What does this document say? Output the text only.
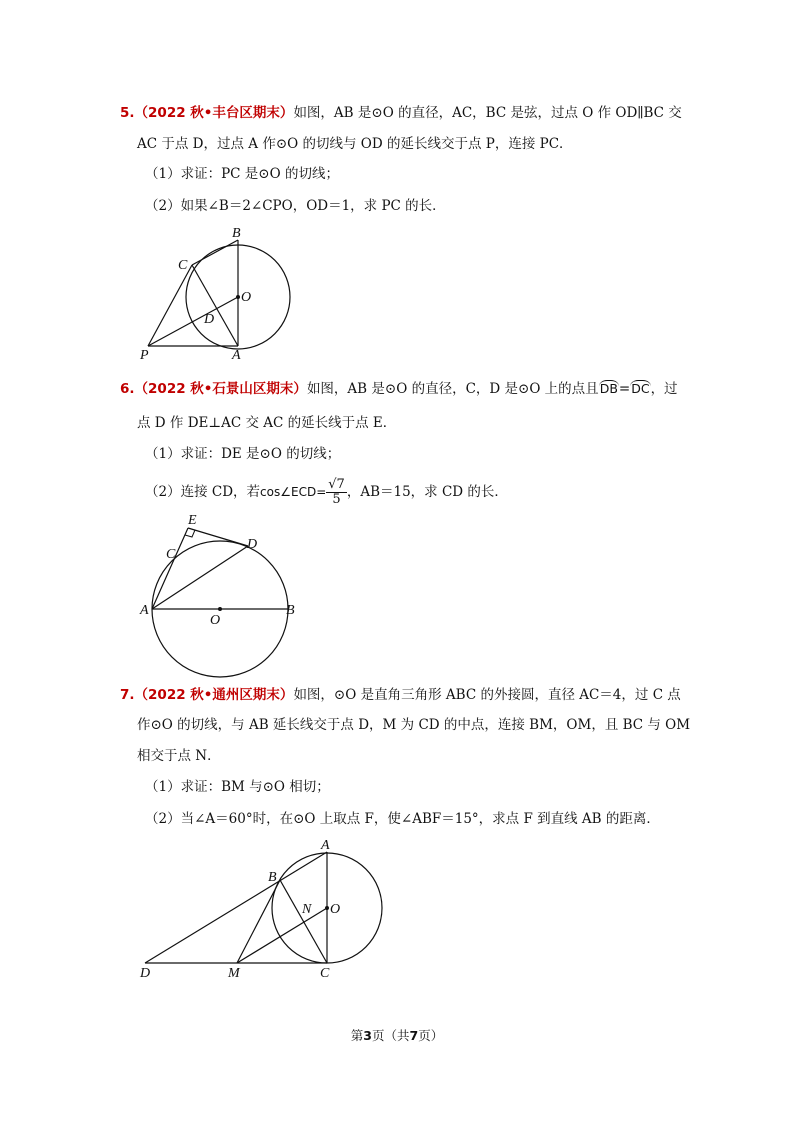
5.（2022 秋•丰台区期末）如图，AB 是⊙O 的直径，AC，BC 是弦，过点 O 作 OD∥BC 交
AC 于点 D，过点 A 作⊙O 的切线与 OD 的延长线交于点 P，连接 PC．
（1）求证：PC 是⊙O 的切线；
（2）如果∠B＝2∠CPO，OD＝1，求 PC 的长．
B
C
O
D
P	A
6.（2022 秋•石景山区期末）如图，AB 是⊙O 的直径，C，D 是⊙O 上的点且DB=DC，过
点 D 作 DE⊥AC 交 AC 的延长线于点 E．
（1）求证：DE 是⊙O 的切线；
（2）连接 CD，若cos∠ECD= $\frac{√7}{5}$ ，AB＝15，求 CD 的长．
E
C
D
A	B
O
7.（2022 秋•通州区期末）如图，⊙O 是直角三角形 ABC 的外接圆，直径 AC＝4，过 C 点
作⊙O 的切线，与 AB 延长线交于点 D，M 为 CD 的中点，连接 BM，OM，且 BC 与 OM
相交于点 N．
（1）求证：BM 与⊙O 相切；
（2）当∠A＝60°时，在⊙O 上取点 F，使∠ABF＝15°，求点 F 到直线 AB 的距离．
A
B
N O
D	M	C
第3页（共7页）
